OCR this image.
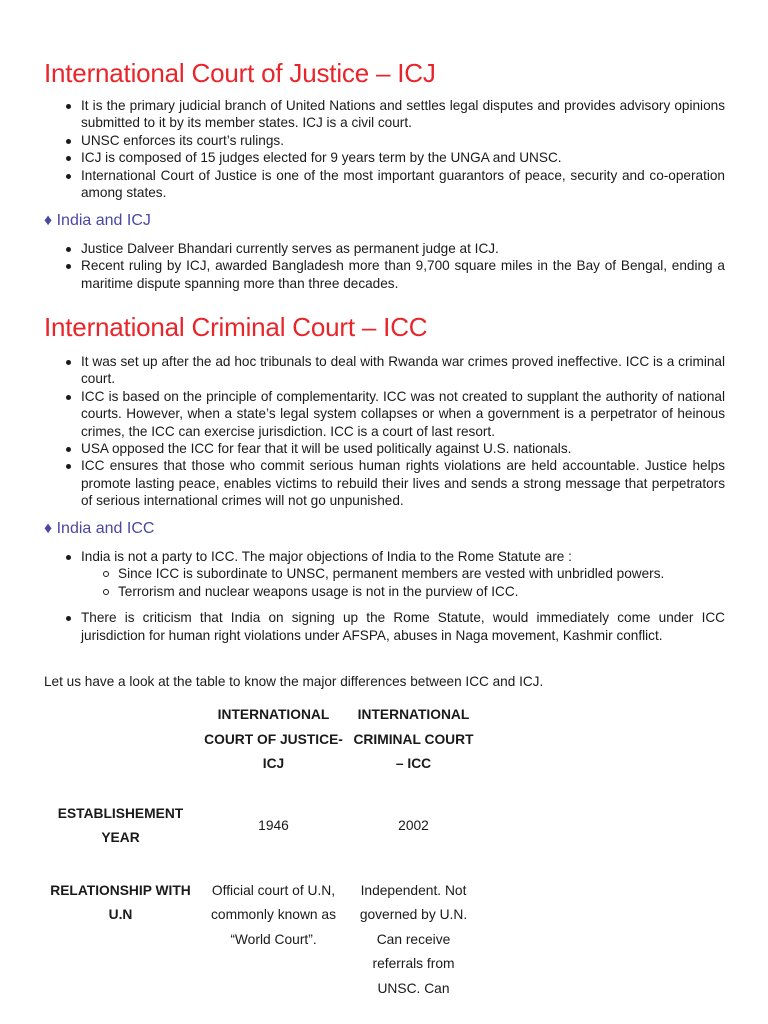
International Court of Justice – ICJ
It is the primary judicial branch of United Nations and settles legal disputes and provides advisory opinions submitted to it by its member states. ICJ is a civil court.
UNSC enforces its court’s rulings.
ICJ is composed of 15 judges elected for 9 years term by the UNGA and UNSC.
International Court of Justice is one of the most important guarantors of peace, security and co-operation among states.
♦ India and ICJ
Justice Dalveer Bhandari currently serves as permanent judge at ICJ.
Recent ruling by ICJ, awarded Bangladesh more than 9,700 square miles in the Bay of Bengal, ending a maritime dispute spanning more than three decades.
International Criminal Court – ICC
It was set up after the ad hoc tribunals to deal with Rwanda war crimes proved ineffective. ICC is a criminal court.
ICC is based on the principle of complementarity. ICC was not created to supplant the authority of national courts. However, when a state’s legal system collapses or when a government is a perpetrator of heinous crimes, the ICC can exercise jurisdiction. ICC is a court of last resort.
USA opposed the ICC for fear that it will be used politically against U.S. nationals.
ICC ensures that those who commit serious human rights violations are held accountable. Justice helps promote lasting peace, enables victims to rebuild their lives and sends a strong message that perpetrators of serious international crimes will not go unpunished.
♦ India and ICC
India is not a party to ICC. The major objections of India to the Rome Statute are :
Since ICC is subordinate to UNSC, permanent members are vested with unbridled powers.
Terrorism and nuclear weapons usage is not in the purview of ICC.
There is criticism that India on signing up the Rome Statute, would immediately come under ICC jurisdiction for human right violations under AFSPA, abuses in Naga movement, Kashmir conflict.
Let us have a look at the table to know the major differences between ICC and ICJ.
	INTERNATIONAL COURT OF JUSTICE- ICJ	INTERNATIONAL CRIMINAL COURT – ICC
ESTABLISHEMENT YEAR	1946	2002
RELATIONSHIP WITH U.N	Official court of U.N, commonly known as “World Court”.	Independent. Not governed by U.N. Can receive referrals from UNSC. Can
